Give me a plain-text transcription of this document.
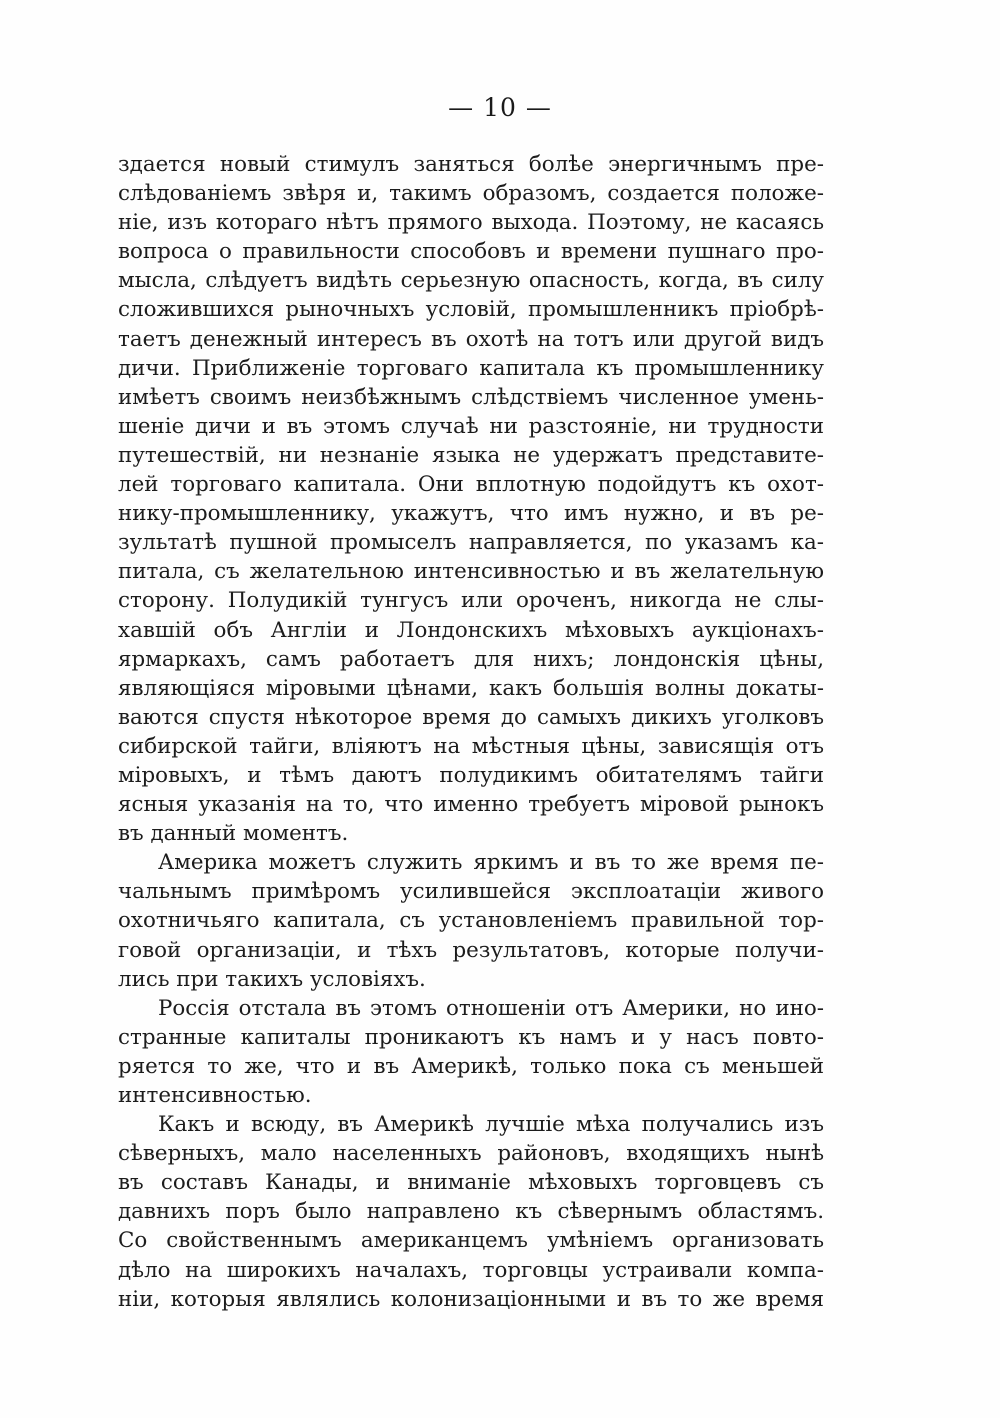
— 10 —
здается новый стимулъ заняться болѣе энергичнымъ пре-
слѣдованіемъ звѣря и, такимъ образомъ, создается положе-
ніе, изъ котораго нѣтъ прямого выхода. Поэтому, не касаясь
вопроса о правильности способовъ и времени пушнаго про-
мысла, слѣдуетъ видѣть серьезную опасность, когда, въ силу
сложившихся рыночныхъ условій, промышленникъ пріобрѣ-
таетъ денежный интересъ въ охотѣ на тотъ или другой видъ
дичи. Приближеніе торговаго капитала къ промышленнику
имѣетъ своимъ неизбѣжнымъ слѣдствіемъ численное умень-
шеніе дичи и въ этомъ случаѣ ни разстояніе, ни трудности
путешествій, ни незнаніе языка не удержатъ представите-
лей торговаго капитала. Они вплотную подойдутъ къ охот-
нику-промышленнику, укажутъ, что имъ нужно, и въ ре-
зультатѣ пушной промыселъ направляется, по указамъ ка-
питала, съ желательною интенсивностью и въ желательную
сторону. Полудикій тунгусъ или ороченъ, никогда не слы-
хавшій объ Англіи и Лондонскихъ мѣховыхъ аукціонахъ-
ярмаркахъ, самъ работаетъ для нихъ; лондонскія цѣны,
являющіяся міровыми цѣнами, какъ большія волны докаты-
ваются спустя нѣкоторое время до самыхъ дикихъ уголковъ
сибирской тайги, вліяютъ на мѣстныя цѣны, зависящія отъ
міровыхъ, и тѣмъ даютъ полудикимъ обитателямъ тайги
ясныя указанія на то, что именно требуетъ міровой рынокъ
въ данный моментъ.
Америка можетъ служить яркимъ и въ то же время пе-
чальнымъ примѣромъ усилившейся эксплоатаціи живого
охотничьяго капитала, съ установленіемъ правильной тор-
говой организаціи, и тѣхъ результатовъ, которые получи-
лись при такихъ условіяхъ.
Россія отстала въ этомъ отношеніи отъ Америки, но ино-
странные капиталы проникаютъ къ намъ и у насъ повто-
ряется то же, что и въ Америкѣ, только пока съ меньшей
интенсивностью.
Какъ и всюду, въ Америкѣ лучшіе мѣха получались изъ
сѣверныхъ, мало населенныхъ районовъ, входящихъ нынѣ
въ составъ Канады, и вниманіе мѣховыхъ торговцевъ съ
давнихъ поръ было направлено къ сѣвернымъ областямъ.
Со свойственнымъ американцемъ умѣніемъ организовать
дѣло на широкихъ началахъ, торговцы устраивали компа-
ніи, которыя являлись колонизаціонными и въ то же время
